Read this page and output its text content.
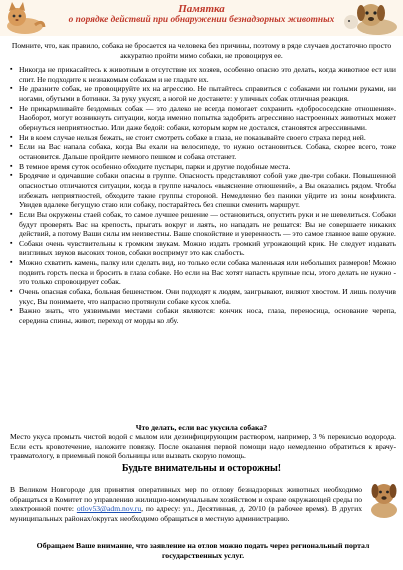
Памятка
о порядке действий при обнаружении безнадзорных животных
Помните, что, как правило, собака не бросается на человека без причины, поэтому в ряде случаев достаточно просто аккуратно пройти мимо собаки, не провоцируя ее.
▪ Никогда не прикасайтесь к животным в отсутствие их хозяев, особенно опасно это делать, когда животное ест или спит. Не подходите к незнакомым собакам и не гладьте их.
▪ Не дразните собак, не провоцируйте их на агрессию. Не пытайтесь справиться с собаками ни голыми руками, ни ногами, обутыми в ботинки. За руку укусят, а ногой не достанете: у уличных собак отличная реакция.
▪ Не прикармливайте бездомных собак — это далеко не всегда помогает сохранить «добрососедские отношения». Наоборот, могут возникнуть ситуации, когда именно попытка задобрить агрессивно настроенных животных может обернуться неприятностью. Или даже бедой: собаки, которым корм не достался, становятся агрессивными.
▪ Ни в коем случае нельзя бежать, не стоит смотреть собаке в глаза, не показывайте своего страха перед ней.
▪ Если на Вас напала собака, когда Вы ехали на велосипеде, то нужно остановиться. Собака, скорее всего, тоже остановится. Дальше пройдите немного пешком и собака отстанет.
▪ В темное время суток особенно обходите пустыри, парки и другие подобные места.
▪ Бродячие и одичавшие собаки опасны в группе. Опасность представляют собой уже две-три собаки. Повышенной опасностью отличаются ситуации, когда в группе началось «выяснение отношений», а Вы оказались рядом. Чтобы избежать неприятностей, обходите такие группы стороной. Немедленно без паники уйдите из зоны конфликта. Увидев вдалеке бегущую стаю или собаку, постарайтесь без спешки сменить маршрут.
▪ Если Вы окружены стаей собак, то самое лучшее решение — остановиться, опустить руки и не шевелиться. Собаки будут проверять Вас на крепость, прыгать вокруг и лаять, но нападать не решатся: Вы не совершаете никаких действий, а потому Ваши силы им неизвестны. Ваше спокойствие и уверенность — это самое главное ваше оружие.
▪ Собаки очень чувствительны к громким звукам. Можно издать громкий угрожающий крик. Не следует издавать визгливых звуков высоких тонов, собаки воспримут это как слабость.
▪ Можно схватить камень, палку или сделать вид, но только если собака маленькая или небольших размеров! Можно подвить горсть песка и бросить в глаза собаке. Но если на Вас хотят напасть крупные псы, этого делать не нужно - это только спровоцирует собак.
▪ Очень опасная собака, больная бешенством. Они подходят к людям, заигрывают, виляют хвостом. И лишь получив укус, Вы понимаете, что напрасно протянули собаке кусок хлеба.
▪ Важно знать, что уязвимыми местами собаки являются: кончик носа, глаза, переносица, основание черепа, середина спины, живот, переход от морды ко лбу.
Что делать, если вас укусила собака?
Место укуса промыть чистой водой с мылом или дезинфицирующим раствором, например, 3 % перекисью водорода. Если есть кровотечение, наложите повязку. После оказания первой помощи надо немедленно обратиться к врачу-травматологу, в приемный покой больницы или вызвать скорую помощь.
Будьте внимательны и осторожны!
В Великом Новгороде для принятия оперативных мер по отлову безнадзорных животных необходимо обращаться в Комитет по управлению жилищно-коммунальным хозяйством и охране окружающей среды по электронной почте: otlov53@adm.nov.ru, по адресу: ул., Десятинная, д. 20/10 (в рабочее время). В других муниципальных районах/округах необходимо обращаться в местную администрацию.
Обращаем Ваше внимание, что заявление на отлов можно подать через региональный портал государственных услуг.
